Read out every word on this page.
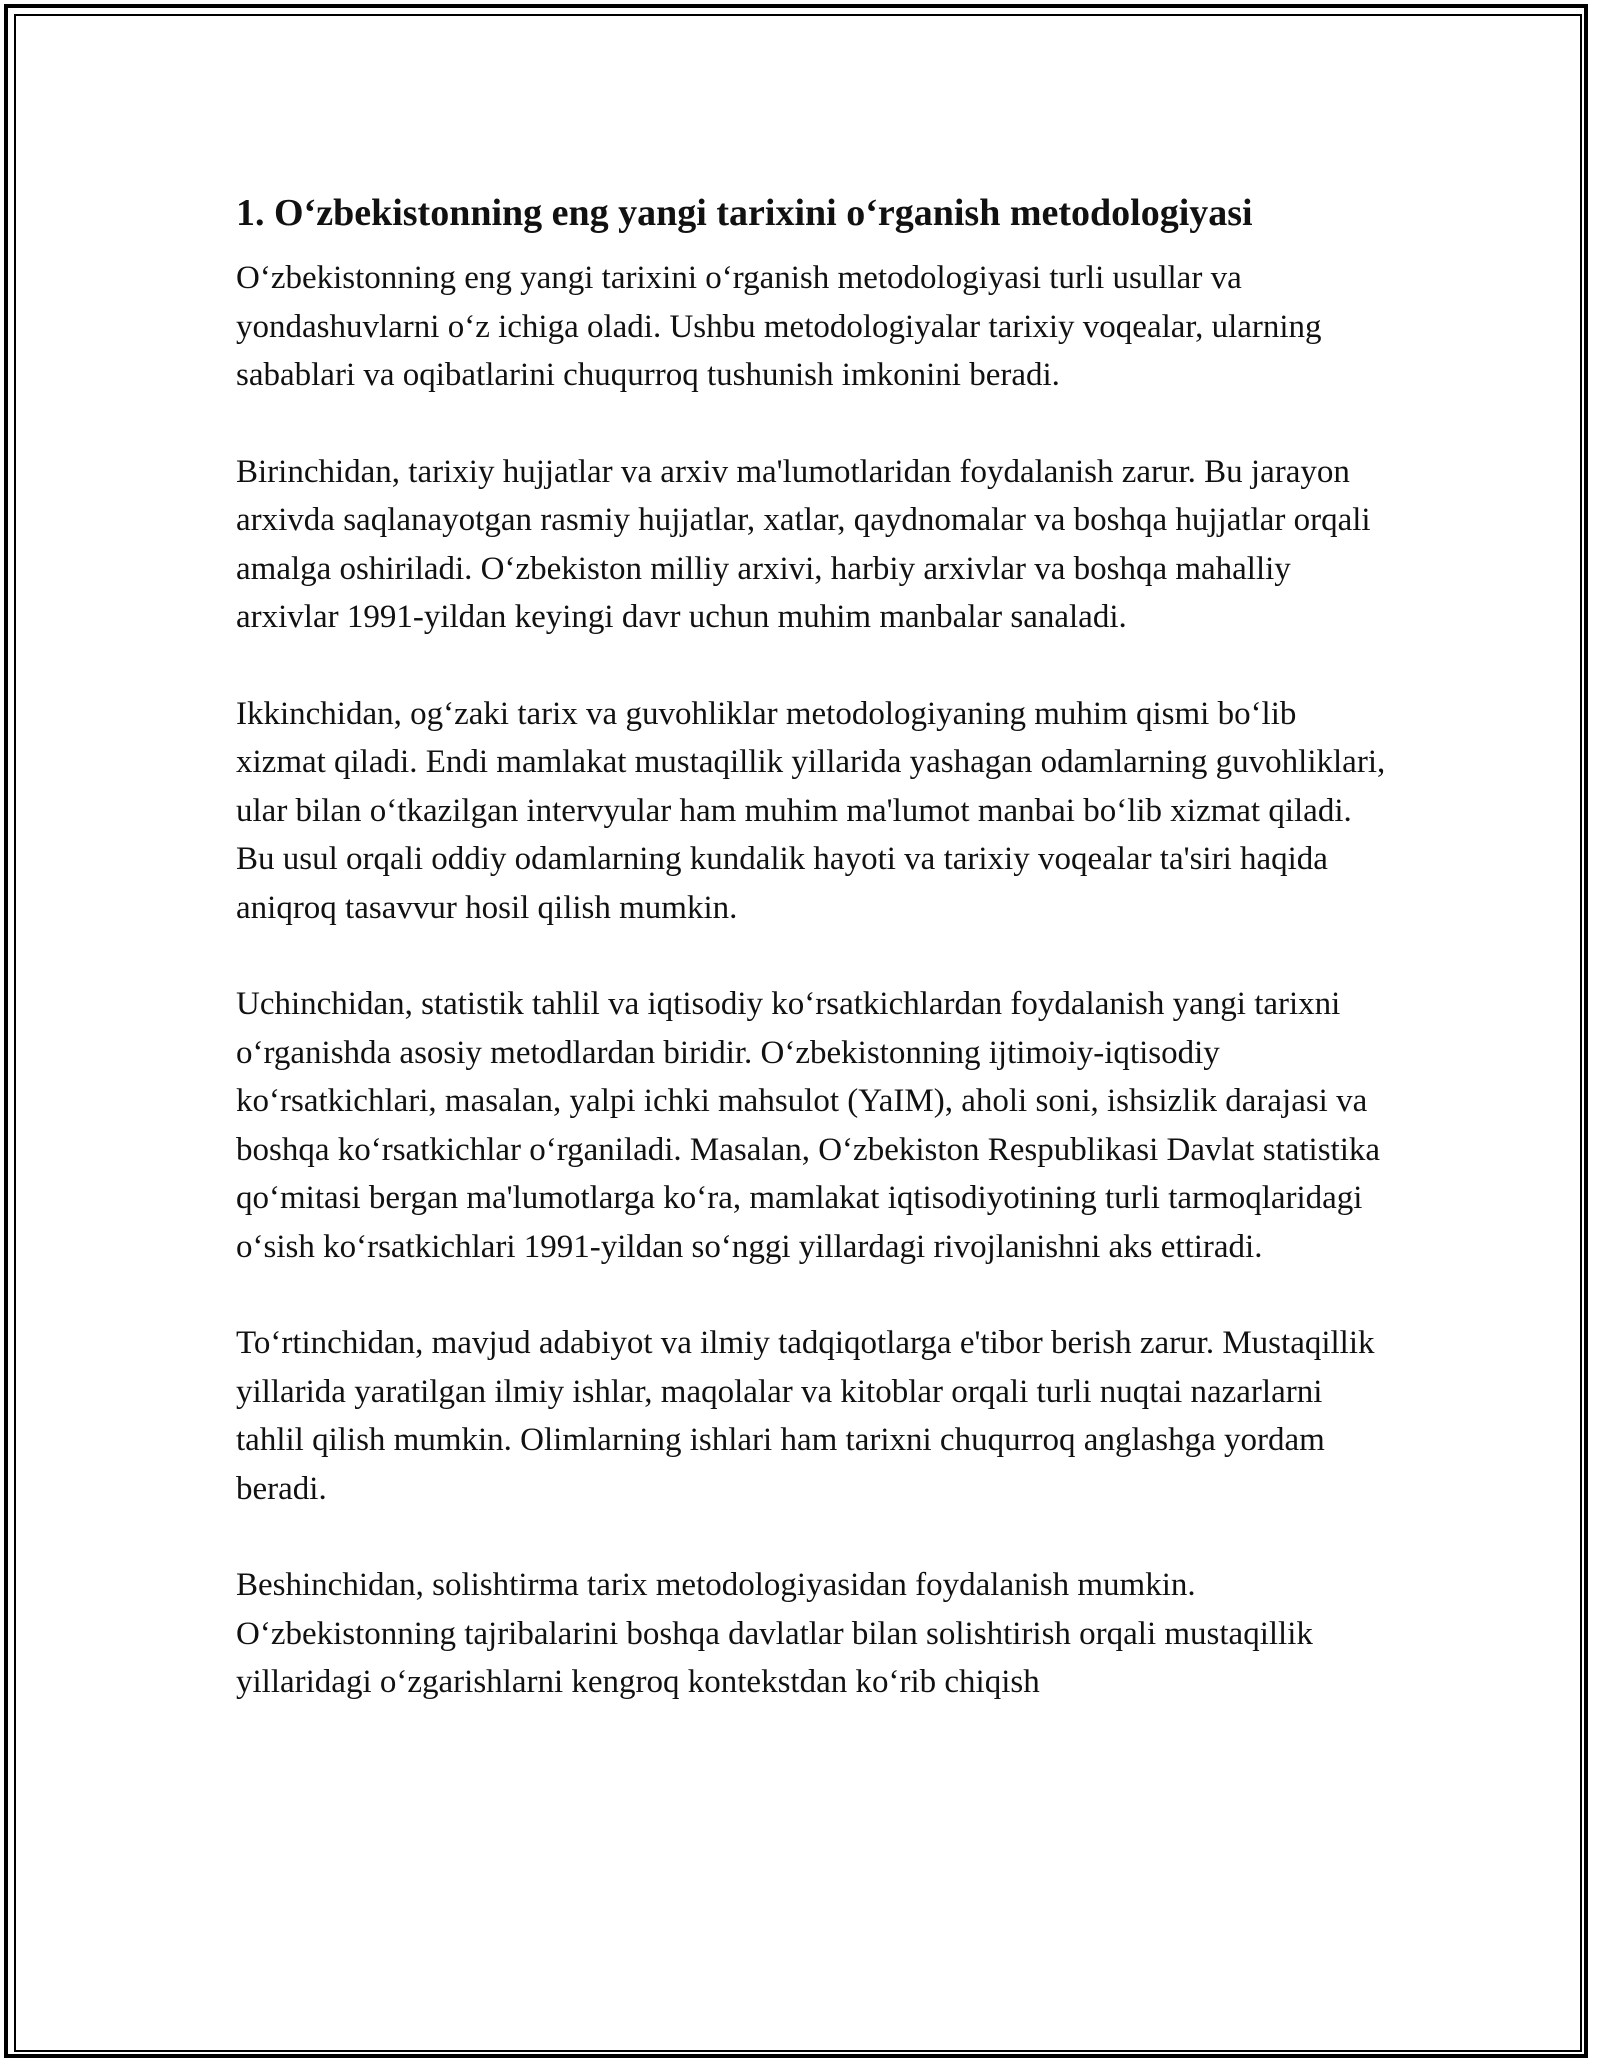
1. O‘zbekistonning eng yangi tarixini o‘rganish metodologiyasi

O‘zbekistonning eng yangi tarixini o‘rganish metodologiyasi turli usullar va yondashuvlarni o‘z ichiga oladi. Ushbu metodologiyalar tarixiy voqealar, ularning sabablari va oqibatlarini chuqurroq tushunish imkonini beradi.

Birinchidan, tarixiy hujjatlar va arxiv ma'lumotlaridan foydalanish zarur. Bu jarayon arxivda saqlanayotgan rasmiy hujjatlar, xatlar, qaydnomalar va boshqa hujjatlar orqali amalga oshiriladi. O‘zbekiston milliy arxivi, harbiy arxivlar va boshqa mahalliy arxivlar 1991-yildan keyingi davr uchun muhim manbalar sanaladi.

Ikkinchidan, og‘zaki tarix va guvohliklar metodologiyaning muhim qismi bo‘lib xizmat qiladi. Endi mamlakat mustaqillik yillarida yashagan odamlarning guvohliklari, ular bilan o‘tkazilgan intervyular ham muhim ma'lumot manbai bo‘lib xizmat qiladi. Bu usul orqali oddiy odamlarning kundalik hayoti va tarixiy voqealar ta'siri haqida aniqroq tasavvur hosil qilish mumkin.

Uchinchidan, statistik tahlil va iqtisodiy ko‘rsatkichlardan foydalanish yangi tarixni o‘rganishda asosiy metodlardan biridir. O‘zbekistonning ijtimoiy-iqtisodiy ko‘rsatkichlari, masalan, yalpi ichki mahsulot (YaIM), aholi soni, ishsizlik darajasi va boshqa ko‘rsatkichlar o‘rganiladi. Masalan, O‘zbekiston Respublikasi Davlat statistika qo‘mitasi bergan ma'lumotlarga ko‘ra, mamlakat iqtisodiyotining turli tarmoqlaridagi o‘sish ko‘rsatkichlari 1991-yildan so‘nggi yillardagi rivojlanishni aks ettiradi.

To‘rtinchidan, mavjud adabiyot va ilmiy tadqiqotlarga e'tibor berish zarur. Mustaqillik yillarida yaratilgan ilmiy ishlar, maqolalar va kitoblar orqali turli nuqtai nazarlarni tahlil qilish mumkin. Olimlarning ishlari ham tarixni chuqurroq anglashga yordam beradi.

Beshinchidan, solishtirma tarix metodologiyasidan foydalanish mumkin. O‘zbekistonning tajribalarini boshqa davlatlar bilan solishtirish orqali mustaqillik yillaridagi o‘zgarishlarni kengroq kontekstdan ko‘rib chiqish
